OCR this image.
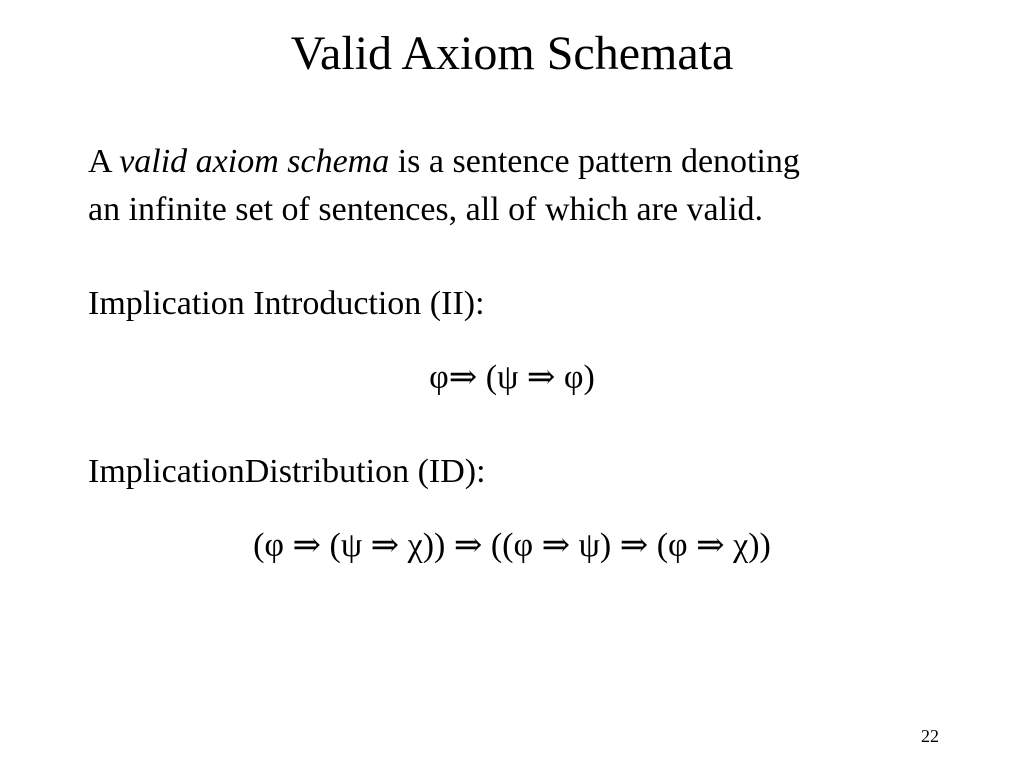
Valid Axiom Schemata
A valid axiom schema is a sentence pattern denoting
an infinite set of sentences, all of which are valid.
Implication Introduction (II):
φ⇒ (ψ ⇒ φ)
ImplicationDistribution (ID):
(φ ⇒ (ψ ⇒ χ)) ⇒ ((φ ⇒ ψ) ⇒ (φ ⇒ χ))
22
